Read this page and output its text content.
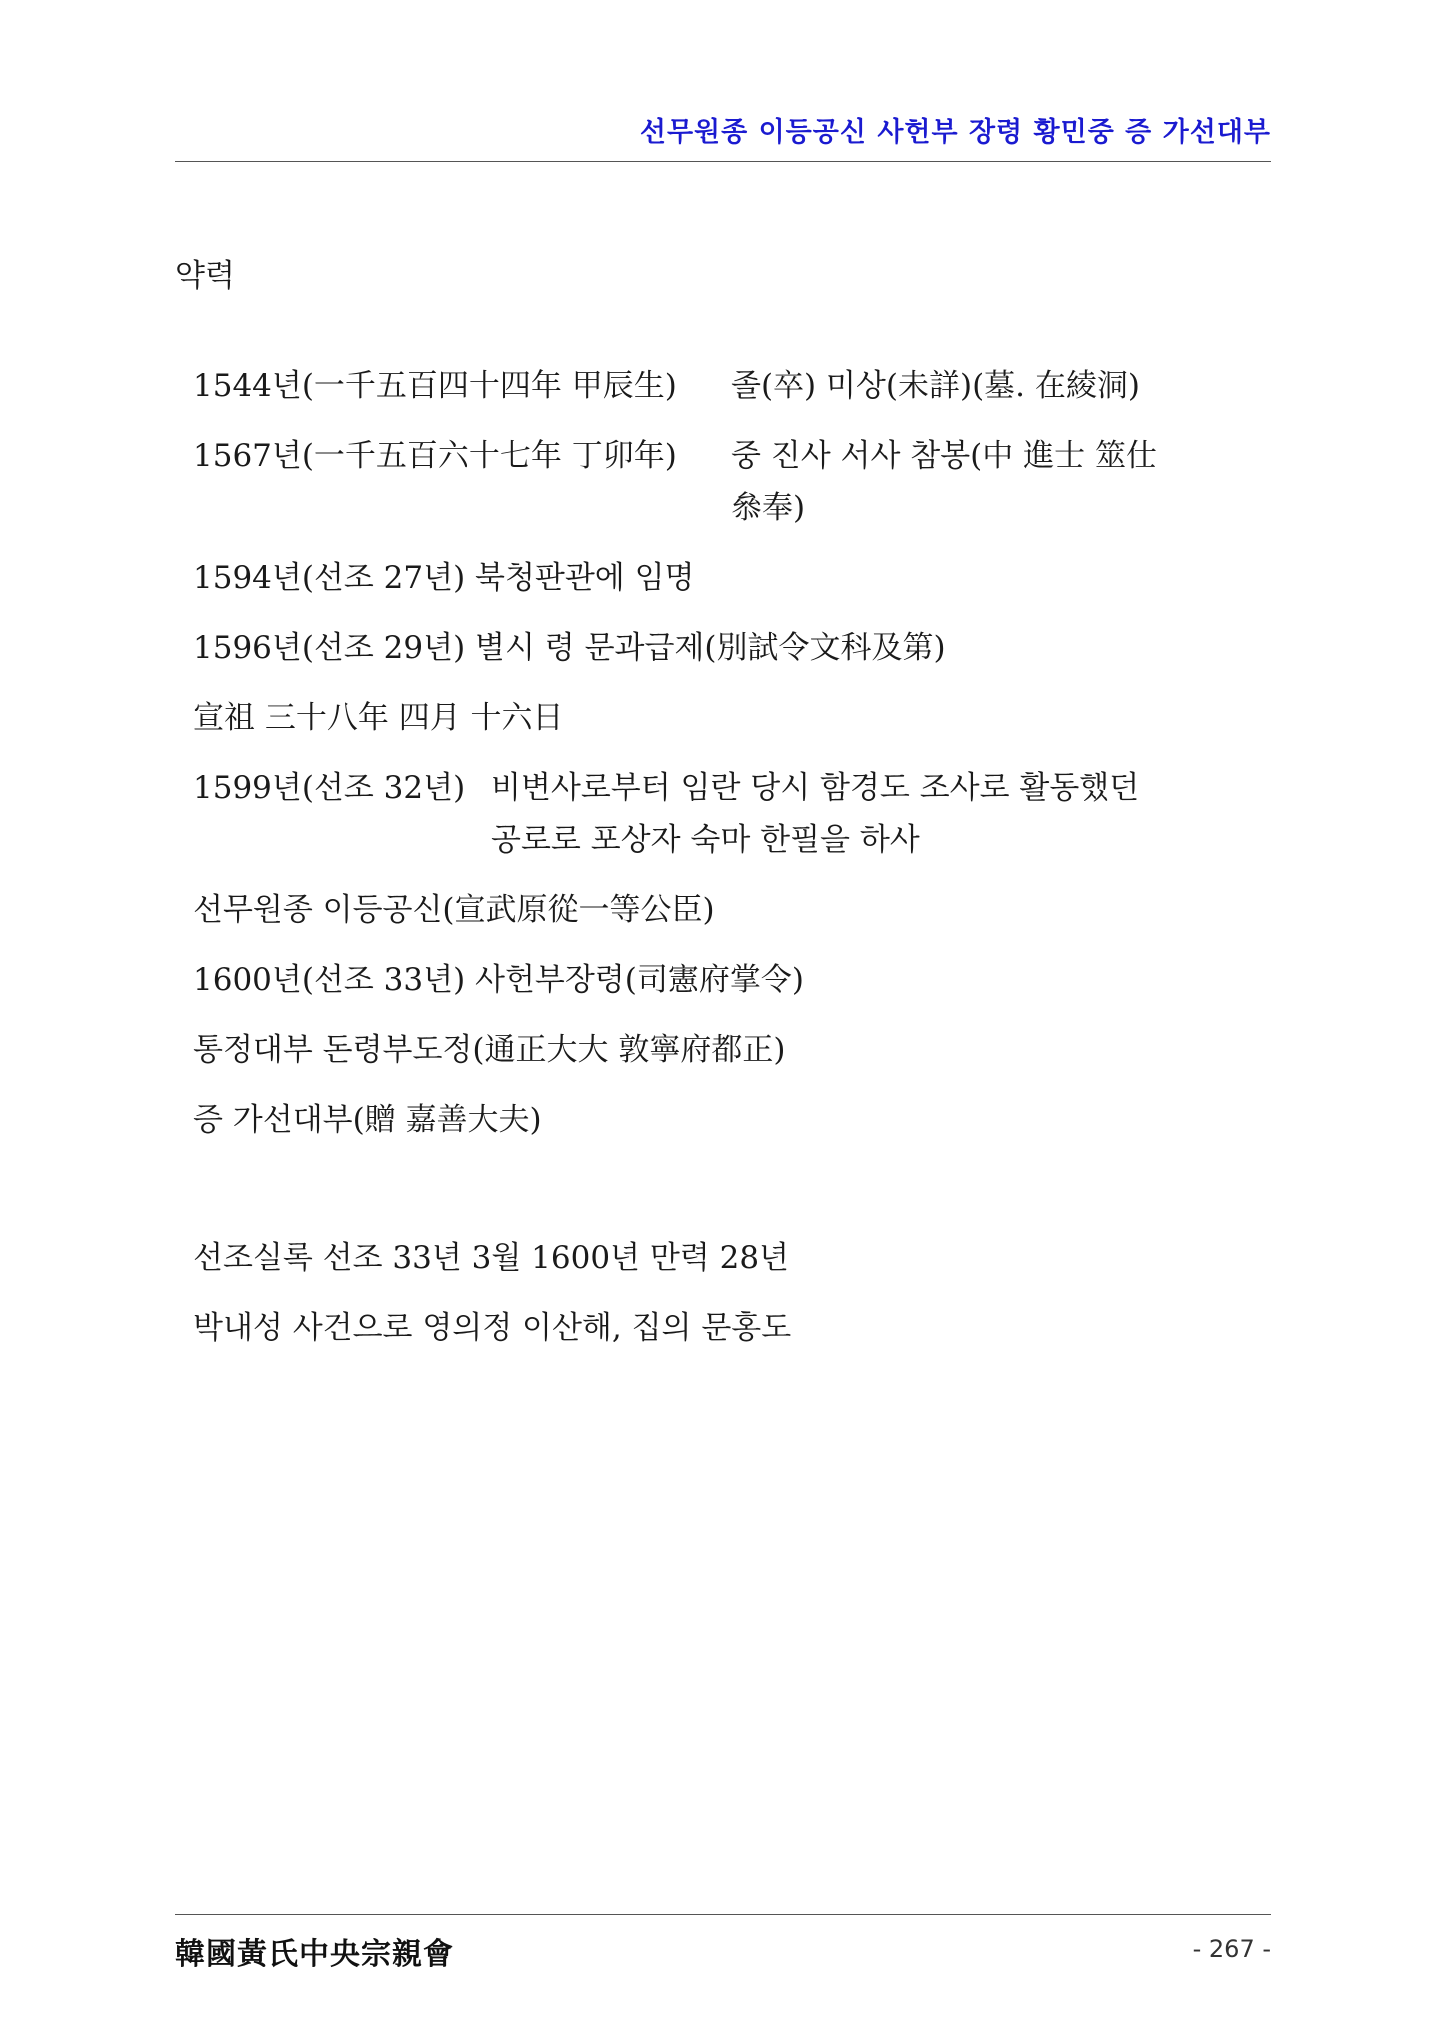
선무원종 이등공신 사헌부 장령 황민중 증 가선대부
약력
1544년(一千五百四十四年 甲辰生) 졸(卒) 미상(未詳)(墓. 在綾洞)
1567년(一千五百六十七年 丁卯年) 중 진사 서사 참봉(中 進士 筮仕
叅奉)
1594년(선조 27년) 북청판관에 임명
1596년(선조 29년) 별시 령 문과급제(別試令文科及第)
宣祖 三十八年 四月 十六日
1599년(선조 32년) 비변사로부터 임란 당시 함경도 조사로 활동했던
공로로 포상자 숙마 한필을 하사
선무원종 이등공신(宣武原從一等公臣)
1600년(선조 33년) 사헌부장령(司憲府掌令)
통정대부 돈령부도정(通正大大 敦寧府都正)
증 가선대부(贈 嘉善大夫)
선조실록 선조 33년 3월 1600년 만력 28년
박내성 사건으로 영의정 이산해, 집의 문홍도
韓國黃氏中央宗親會	- 267 -
